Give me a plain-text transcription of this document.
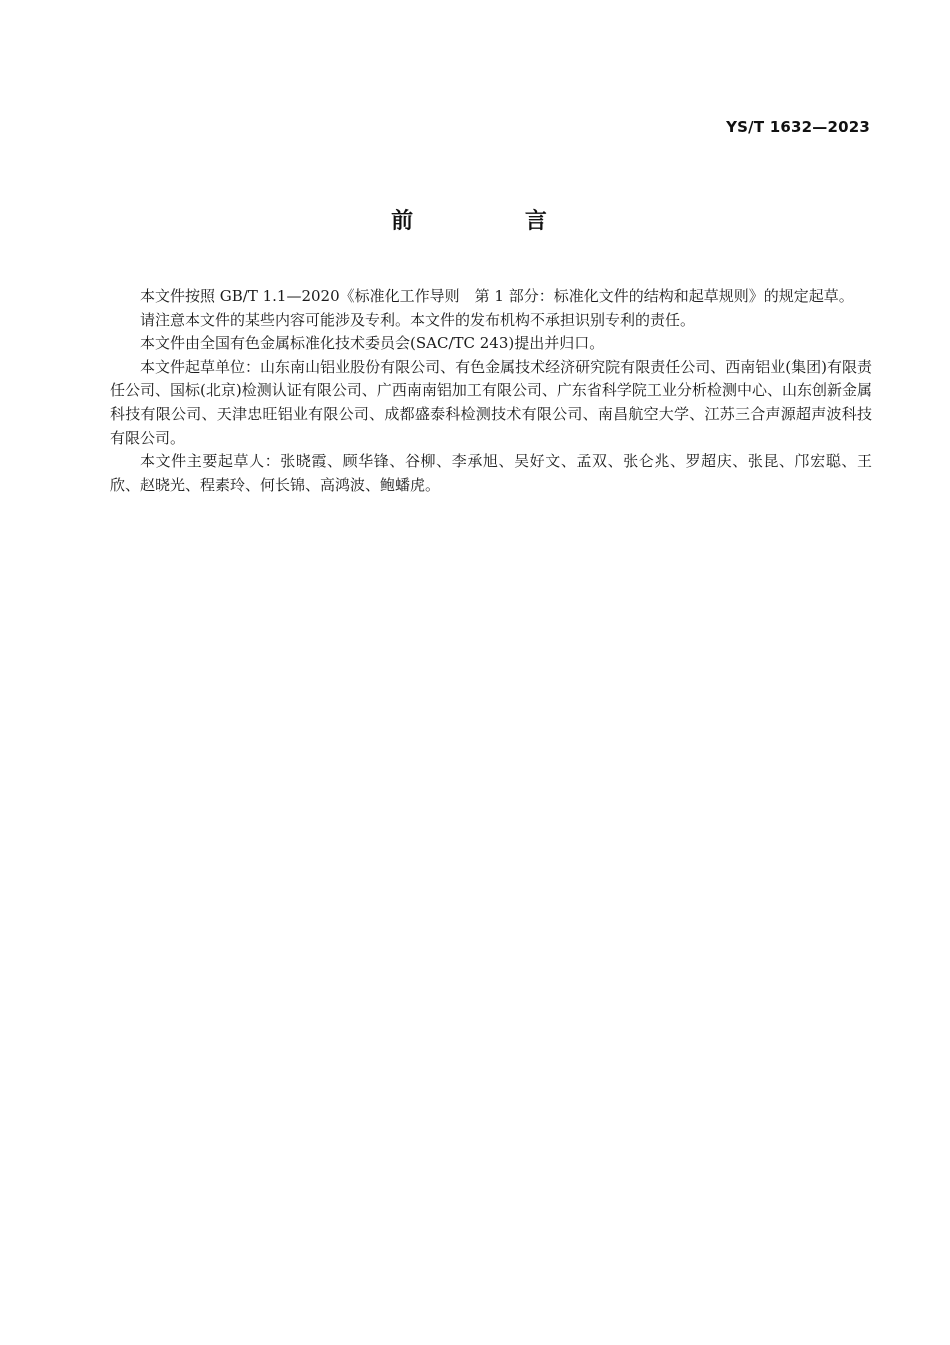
YS/T 1632—2023
前 言

本文件按照 GB/T 1.1—2020《标准化工作导则　第 1 部分：标准化文件的结构和起草规则》的规定起草。

请注意本文件的某些内容可能涉及专利。本文件的发布机构不承担识别专利的责任。

本文件由全国有色金属标准化技术委员会(SAC/TC 243)提出并归口。

本文件起草单位：山东南山铝业股份有限公司、有色金属技术经济研究院有限责任公司、西南铝业(集团)有限责任公司、国标(北京)检测认证有限公司、广西南南铝加工有限公司、广东省科学院工业分析检测中心、山东创新金属科技有限公司、天津忠旺铝业有限公司、成都盛泰科检测技术有限公司、南昌航空大学、江苏三合声源超声波科技有限公司。

本文件主要起草人：张晓霞、顾华锋、谷柳、李承旭、吴好文、孟双、张仑兆、罗超庆、张昆、邝宏聪、王欣、赵晓光、程素玲、何长锦、高鸿波、鲍蟠虎。
